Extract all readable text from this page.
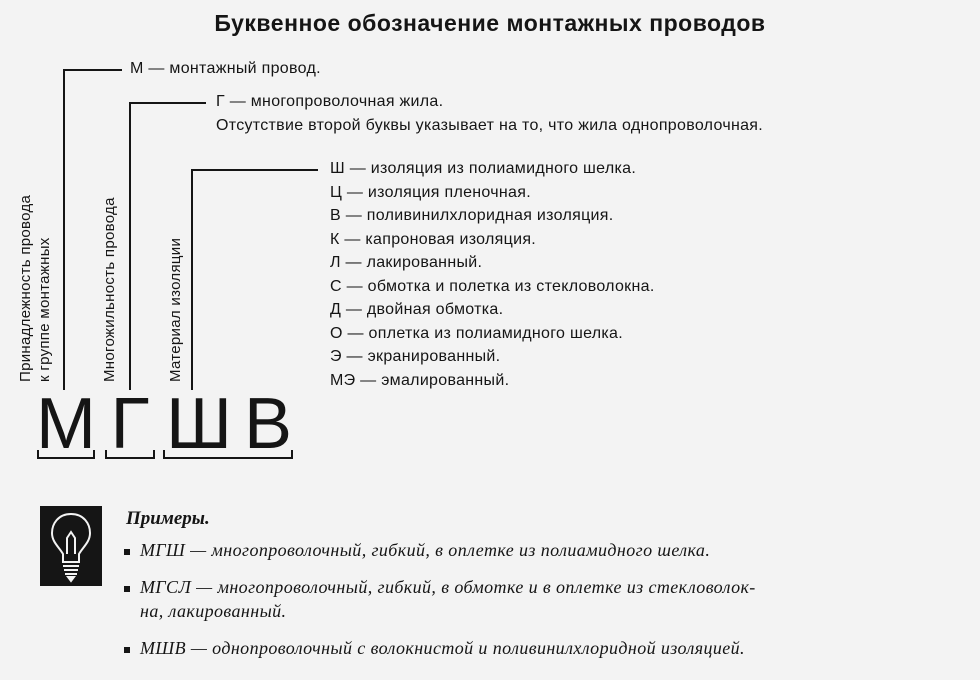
Буквенное обозначение монтажных проводов
Принадлежность провода к группе монтажных	Многожильность провода	Материал изоляции
М Г Ш В
М — монтажный провод.
Г — многопроволочная жила.
Отсутствие второй буквы указывает на то, что жила однопроволочная.
Ш — изоляция из полиамидного шелка.
Ц — изоляция пленочная.
В — поливинилхлоридная изоляция.
К — капроновая изоляция.
Л — лакированный.
С — обмотка и полетка из стекловолокна.
Д — двойная обмотка.
О — оплетка из полиамидного шелка.
Э — экранированный.
МЭ — эмалированный.
Примеры.
МГШ — многопроволочный, гибкий, в оплетке из полиамидного шелка.
МГСЛ — многопроволочный, гибкий, в обмотке и в оплетке из стекловолок-
на, лакированный.
МШВ — однопроволочный с волокнистой и поливинилхлоридной изоляцией.
